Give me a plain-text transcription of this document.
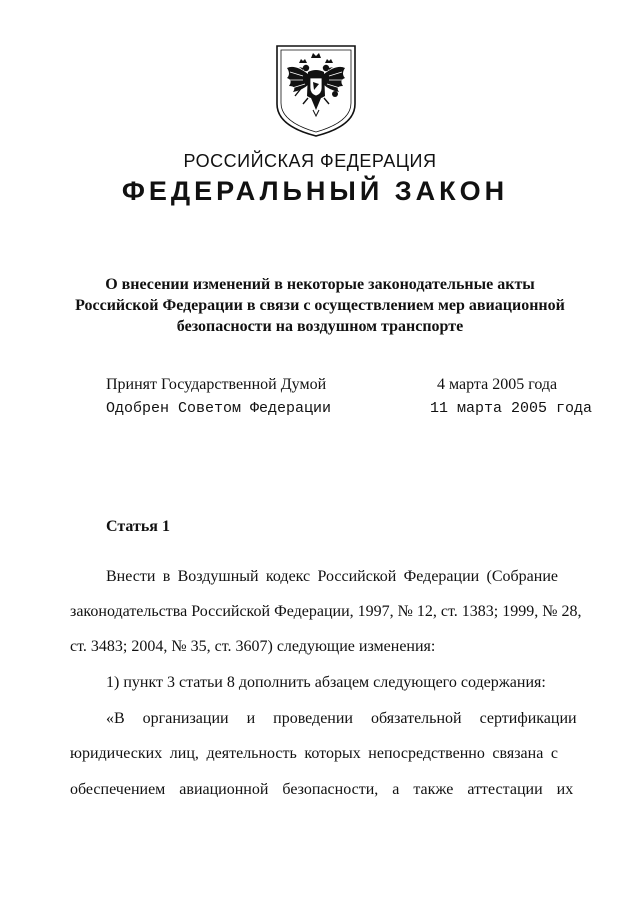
РОССИЙСКАЯ ФЕДЕРАЦИЯ
ФЕДЕРАЛЬНЫЙ ЗАКОН
О внесении изменений в некоторые законодательные акты
Российской Федерации в связи с осуществлением мер авиационной
безопасности на воздушном транспорте
Принят Государственной Думой	4 марта 2005 года
Одобрен Советом Федерации	11 марта 2005 года
Статья 1
Внести в Воздушный кодекс Российской Федерации (Собрание
законодательства Российской Федерации, 1997, № 12, ст. 1383; 1999, № 28,
ст. 3483; 2004, № 35, ст. 3607) следующие изменения:
1) пункт 3 статьи 8 дополнить абзацем следующего содержания:
«В организации и проведении обязательной сертификации
юридических лиц, деятельность которых непосредственно связана с
обеспечением авиационной безопасности, а также аттестации их
